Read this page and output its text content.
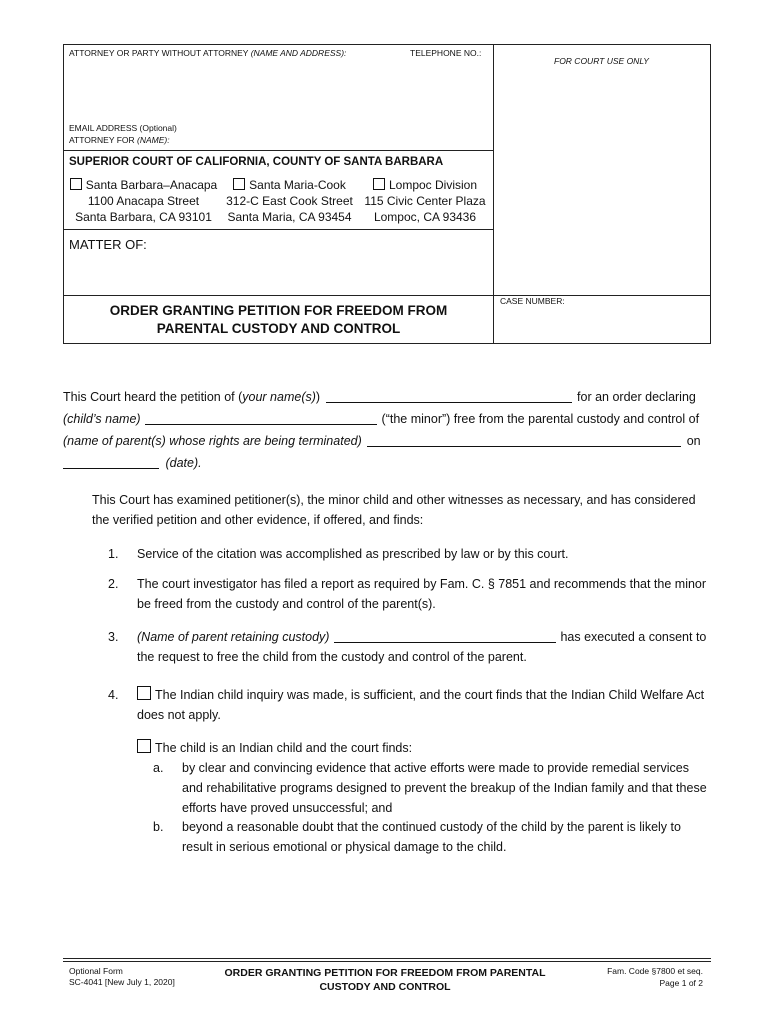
ATTORNEY OR PARTY WITHOUT ATTORNEY (NAME AND ADDRESS):	TELEPHONE NO.:
FOR COURT USE ONLY
EMAIL ADDRESS (Optional)
ATTORNEY FOR (NAME):
SUPERIOR COURT OF CALIFORNIA, COUNTY OF SANTA BARBARA
Santa Barbara–Anacapa
1100 Anacapa Street
Santa Barbara, CA 93101
Santa Maria-Cook
312-C East Cook Street
Santa Maria, CA 93454
Lompoc Division
115 Civic Center Plaza
Lompoc, CA 93436
MATTER OF:
ORDER GRANTING PETITION FOR FREEDOM FROM
PARENTAL CUSTODY AND CONTROL
CASE NUMBER:
This Court heard the petition of (your name(s))	for an order declaring
(child’s name)	(“the minor”) free from the parental custody and control of
(name of parent(s) whose rights are being terminated)	on
(date).
This Court has examined petitioner(s), the minor child and other witnesses as necessary, and has considered
the verified petition and other evidence, if offered, and finds:
1. Service of the citation was accomplished as prescribed by law or by this court.
2. The court investigator has filed a report as required by Fam. C. § 7851 and recommends that the minor
be freed from the custody and control of the parent(s).
3. (Name of parent retaining custody)	has executed a consent to
the request to free the child from the custody and control of the parent.
4.	The Indian child inquiry was made, is sufficient, and the court finds that the Indian Child Welfare Act
does not apply.
The child is an Indian child and the court finds:
a. by clear and convincing evidence that active efforts were made to provide remedial services
and rehabilitative programs designed to prevent the breakup of the Indian family and that these
efforts have proved unsuccessful; and
b. beyond a reasonable doubt that the continued custody of the child by the parent is likely to
result in serious emotional or physical damage to the child.
Optional Form
SC-4041 [New July 1, 2020]
ORDER GRANTING PETITION FOR FREEDOM FROM PARENTAL
CUSTODY AND CONTROL
Fam. Code §7800 et seq.
Page 1 of 2
